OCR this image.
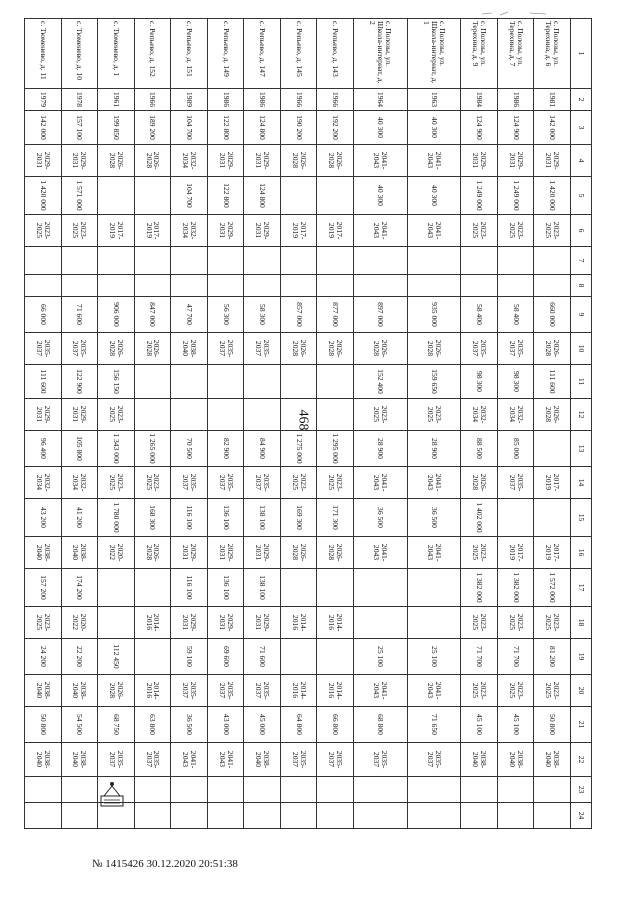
468
1	2	3	4	5	6	7	8	9	10	11	12	13	14	15	16	17	18	19	20	21	22	23	24
с. Полозы, ул. Терехина, д. 6	1981	142 000	2029-2031	1 420 000	2023-2025			660 000	2026-2028	111 600	2026-2028		2017-2019		2017-2019	1 572 000	2023-2025	81 200	2023-2025	50 800	2038-2040		
с. Полозы, ул. Терехина, д. 7	1986	124 900	2029-2031	1 249 000	2023-2025			58 400	2035-2037	98 300	2032-2034	85 000	2035-2037		2017-2019	1 382 000	2023-2025	71 700	2023-2025	45 100	2038-2040		
с. Полозы, ул. Терехина, д. 9	1984	124 900	2029-2031	1 249 000	2023-2025			58 400	2035-2037	98 300	2032-2034	88 500	2026-2028	1 402 000	2023-2025	1 382 000	2023-2025	71 700	2023-2025	45 100	2038-2040		
с. Полозы, ул. Школа-интернат, д. 1	1963	40 300	2041-2043	40 300	2041-2043			935 000	2026-2028	159 650	2023-2025	28 900	2041-2043	36 500	2041-2043			25 100	2041-2043	71 650	2035-2037		
с. Полозы, ул. Школа-интернат, д. 2	1964	40 300	2041-2043	40 300	2041-2043			897 000	2026-2028	152 400	2023-2025	28 900	2041-2043	36 500	2041-2043			25 100	2041-2043	68 800	2035-2037		
с. Репьево, д. 143	1966	192 200	2026-2028		2017-2019			877 000	2026-2028			1 295 000	2023-2025	171 300	2026-2028		2014-2016		2014-2016	66 800	2035-2037		
с. Репьево, д. 145	1966	190 200	2026-2028		2017-2019			857 000	2026-2028			1 275 000	2023-2025	169 300	2026-2028		2014-2016		2014-2016	64 800	2035-2037		
с. Репьево, д. 147	1986	124 800	2029-2031	124 800	2029-2031			58 300	2035-2037			84 900	2035-2037	138 100	2029-2031	138 100	2029-2031	71 600	2035-2037	45 000	2038-2040		
с. Репьево, д. 149	1986	122 800	2029-2031	122 800	2029-2031			56 300	2035-2037			82 900	2035-2037	136 100	2029-2031	136 100	2029-2031	69 600	2035-2037	43 000	2041-2043		
с. Репьево, д. 151	1989	104 700	2032-2034	104 700	2032-2034			47 700	2038-2040			70 500	2035-2037	116 100	2029-2031	116 100	2029-2031	59 100	2035-2037	36 500	2041-2043		
с. Репьево, д. 152	1966	189 200	2026-2028		2017-2019			847 000	2026-2028			1 265 000	2023-2025	168 300	2026-2028		2014-2016		2014-2016	63 800	2035-2037		
с. Тюменево, д. 1	1961	199 850	2026-2028		2017-2019			906 000	2026-2028	156 150	2023-2025	1 343 000	2023-2025	1 780 000	2020-2022			112 450	2026-2028	68 750	2035-2037		
с. Тюменево, д. 10	1978	157 100	2029-2031	1 571 000	2023-2025			71 600	2035-2037	122 900	2029-2031	105 800	2032-2034	41 200	2038-2040	174 200	2020-2022	22 200	2038-2040	54 500	2038-2040		
с. Тюменево, д. 11	1979	142 000	2029-2031	1 420 000	2023-2025			66 000	2035-2037	111 600	2029-2031	96 400	2032-2034	43 200	2038-2040	157 200	2023-2025	24 200	2038-2040	50 800	2038-2040		
№ 1415426 30.12.2020 20:51:38
